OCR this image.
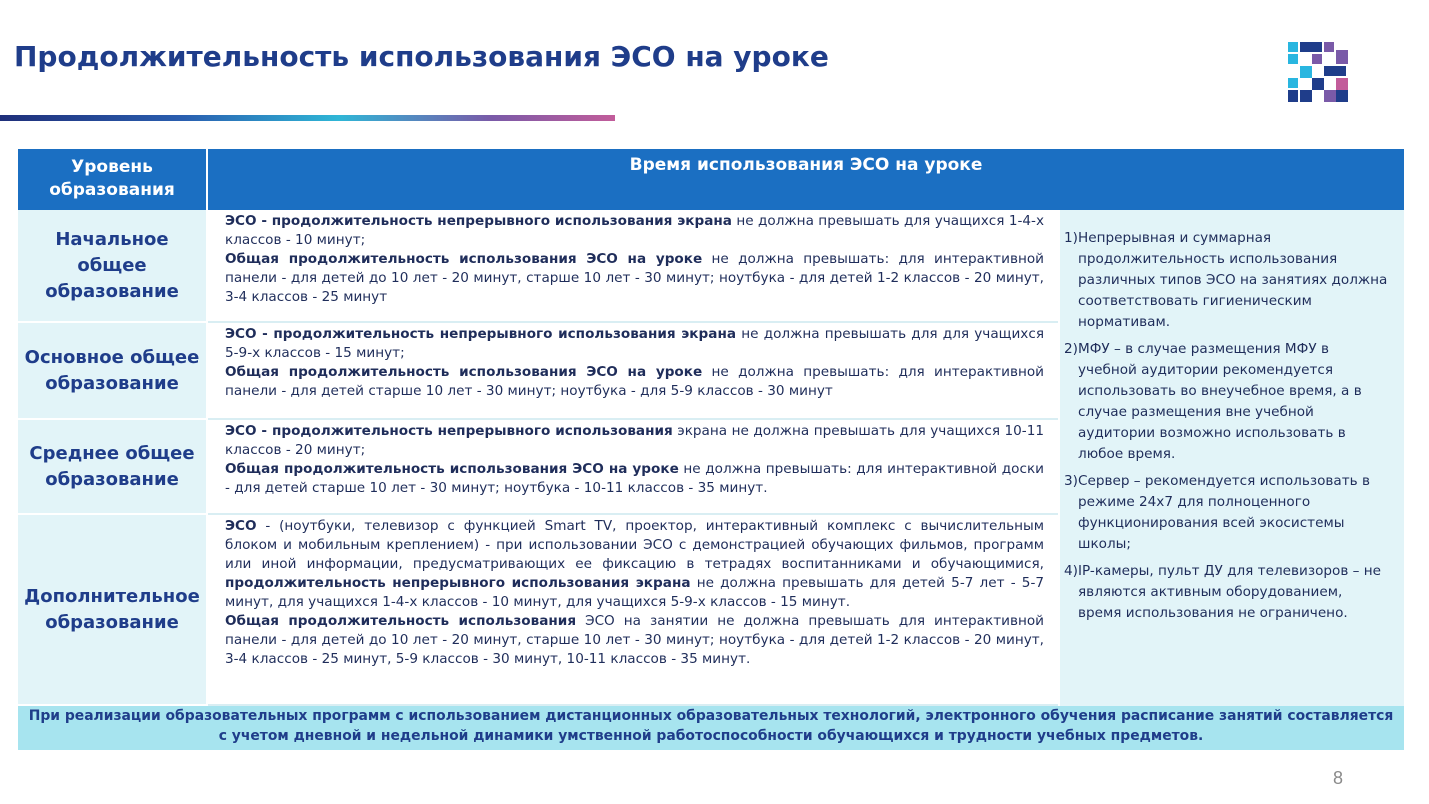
Продолжительность использования ЭСО на уроке
Уровень образования
Время использования ЭСО на уроке
Начальное общее образование
Основное общее образование
Среднее общее образование
Дополнительное образование
ЭСО - продолжительность непрерывного использования экрана не должна превышать для учащихся 1-4-х классов - 10 минут;
Общая продолжительность использования ЭСО на уроке не должна превышать: для интерактивной панели - для детей до 10 лет - 20 минут, старше 10 лет - 30 минут; ноутбука - для детей 1-2 классов - 20 минут, 3-4 классов - 25 минут
ЭСО - продолжительность непрерывного использования экрана не должна превышать для для учащихся 5-9-х классов - 15 минут;
Общая продолжительность использования ЭСО на уроке не должна превышать: для интерактивной панели - для детей старше 10 лет - 30 минут; ноутбука - для 5-9 классов - 30 минут
ЭСО - продолжительность непрерывного использования экрана не должна превышать для учащихся 10-11 классов - 20 минут;
Общая продолжительность использования ЭСО на уроке не должна превышать: для интерактивной доски - для детей старше 10 лет - 30 минут; ноутбука - 10-11 классов - 35 минут.
ЭСО - (ноутбуки, телевизор с функцией Smart TV, проектор, интерактивный комплекс с вычислительным блоком и мобильным креплением) - при использовании ЭСО с демонстрацией обучающих фильмов, программ или иной информации, предусматривающих ее фиксацию в тетрадях воспитанниками и обучающимися, продолжительность непрерывного использования экрана не должна превышать для детей 5-7 лет - 5-7 минут, для учащихся 1-4-х классов - 10 минут, для учащихся 5-9-х классов - 15 минут.
Общая продолжительность использования ЭСО на занятии не должна превышать для интерактивной панели - для детей до 10 лет - 20 минут, старше 10 лет - 30 минут; ноутбука - для детей 1-2 классов - 20 минут, 3-4 классов - 25 минут, 5-9 классов - 30 минут, 10-11 классов - 35 минут.
1) Непрерывная и суммарная продолжительность использования различных типов ЭСО на занятиях должна соответствовать гигиеническим нормативам.
2) МФУ – в случае размещения МФУ в учебной аудитории рекомендуется использовать во внеучебное время, а в случае размещения вне учебной аудитории возможно использовать в любое время.
3) Сервер – рекомендуется использовать в режиме 24х7 для полноценного функционирования всей экосистемы школы;
4) IP-камеры, пульт ДУ для телевизоров – не являются активным оборудованием, время использования не ограничено.
При реализации образовательных программ с использованием дистанционных образовательных технологий, электронного обучения расписание занятий составляется с учетом дневной и недельной динамики умственной работоспособности обучающихся и трудности учебных предметов.
8
